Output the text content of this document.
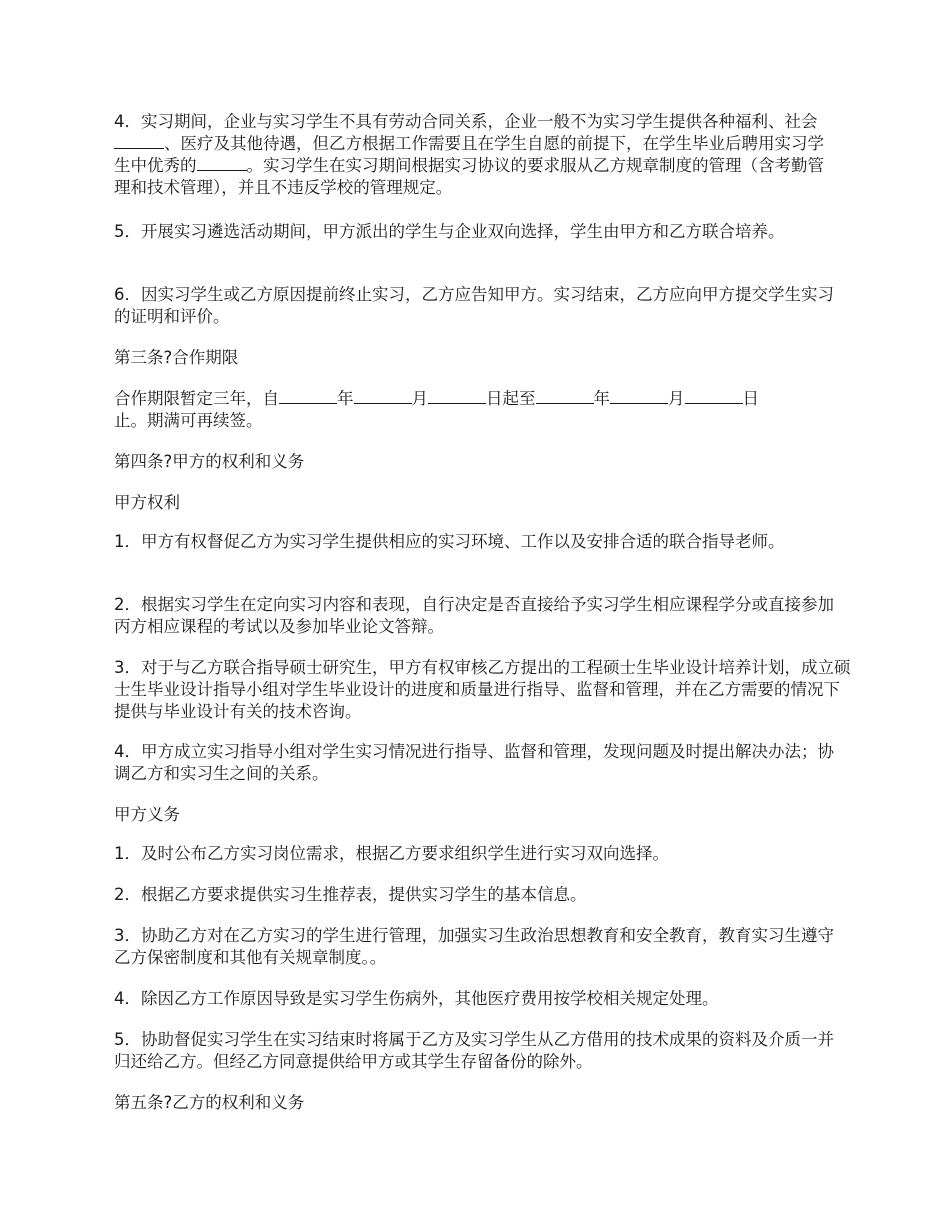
4．实习期间，企业与实习学生不具有劳动合同关系，企业一般不为实习学生提供各种福利、社会、医疗及其他待遇，但乙方根据工作需要且在学生自愿的前提下，在学生毕业后聘用实习学生中优秀的	。实习学生在实习期间根据实习协议的要求服从乙方规章制度的管理（含考勤管理和技术管理），并且不违反学校的管理规定。

5．开展实习遴选活动期间，甲方派出的学生与企业双向选择，学生由甲方和乙方联合培养。

6．因实习学生或乙方原因提前终止实习，乙方应告知甲方。实习结束，乙方应向甲方提交学生实习的证明和评价。

第三条?合作期限

合作期限暂定三年，自	年	月	日起至	年	月	日
止。期满可再续签。

第四条?甲方的权利和义务

甲方权利

1．甲方有权督促乙方为实习学生提供相应的实习环境、工作以及安排合适的联合指导老师。

2．根据实习学生在定向实习内容和表现，自行决定是否直接给予实习学生相应课程学分或直接参加丙方相应课程的考试以及参加毕业论文答辩。

3．对于与乙方联合指导硕士研究生，甲方有权审核乙方提出的工程硕士生毕业设计培养计划，成立硕士生毕业设计指导小组对学生毕业设计的进度和质量进行指导、监督和管理，并在乙方需要的情况下提供与毕业设计有关的技术咨询。

4．甲方成立实习指导小组对学生实习情况进行指导、监督和管理，发现问题及时提出解决办法；协调乙方和实习生之间的关系。

甲方义务

1．及时公布乙方实习岗位需求，根据乙方要求组织学生进行实习双向选择。

2．根据乙方要求提供实习生推荐表，提供实习学生的基本信息。

3．协助乙方对在乙方实习的学生进行管理，加强实习生政治思想教育和安全教育，教育实习生遵守乙方保密制度和其他有关规章制度。。

4．除因乙方工作原因导致是实习学生伤病外，其他医疗费用按学校相关规定处理。

5．协助督促实习学生在实习结束时将属于乙方及实习学生从乙方借用的技术成果的资料及介质一并归还给乙方。但经乙方同意提供给甲方或其学生存留备份的除外。

第五条?乙方的权利和义务
